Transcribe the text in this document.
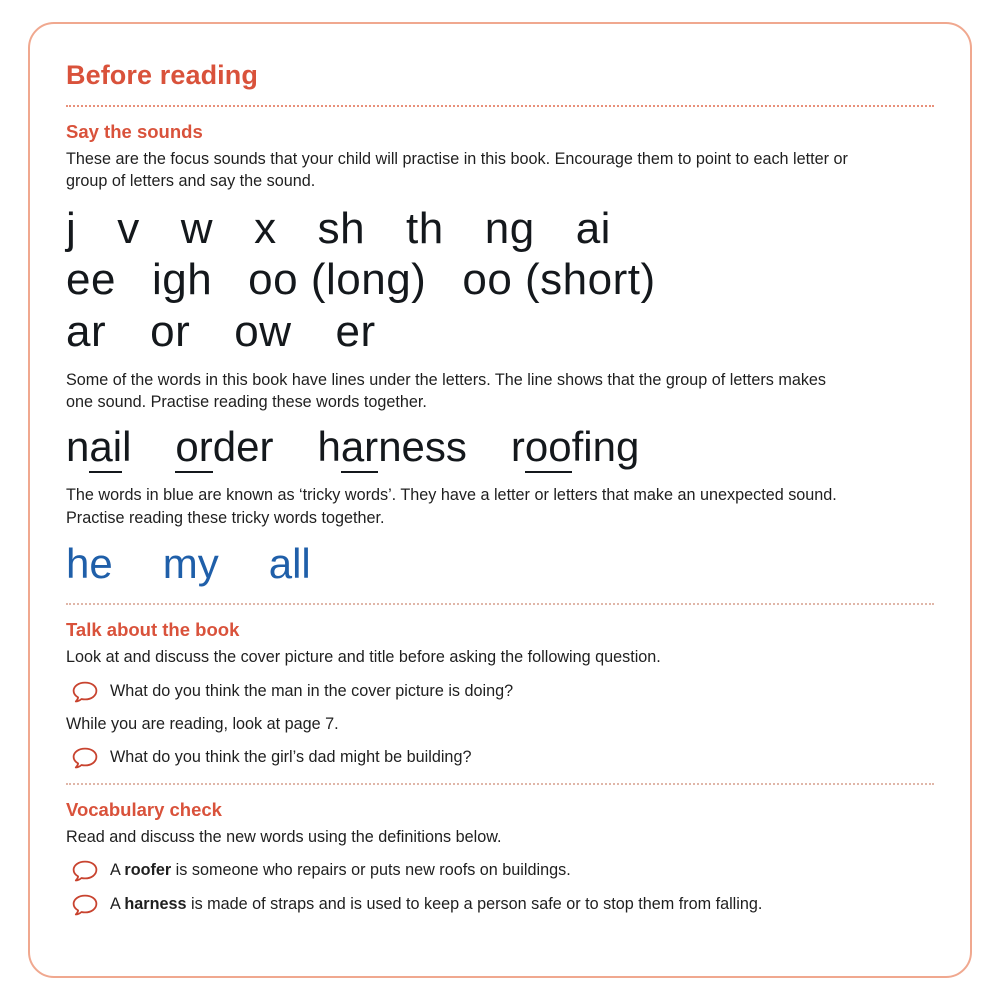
Before reading
Say the sounds

These are the focus sounds that your child will practise in this book. Encourage them to point to each letter or group of letters and say the sound.

j v w x sh th ng ai
ee igh oo (long) oo (short)
ar or ow er

Some of the words in this book have lines under the letters. The line shows that the group of letters makes one sound. Practise reading these words together.

nail order harness roofing

The words in blue are known as ‘tricky words’. They have a letter or letters that make an unexpected sound. Practise reading these tricky words together.

he my all
Talk about the book

Look at and discuss the cover picture and title before asking the following question.

What do you think the man in the cover picture is doing?

While you are reading, look at page 7.

What do you think the girl’s dad might be building?
Vocabulary check

Read and discuss the new words using the definitions below.

A roofer is someone who repairs or puts new roofs on buildings.
A harness is made of straps and is used to keep a person safe or to stop them from falling.
